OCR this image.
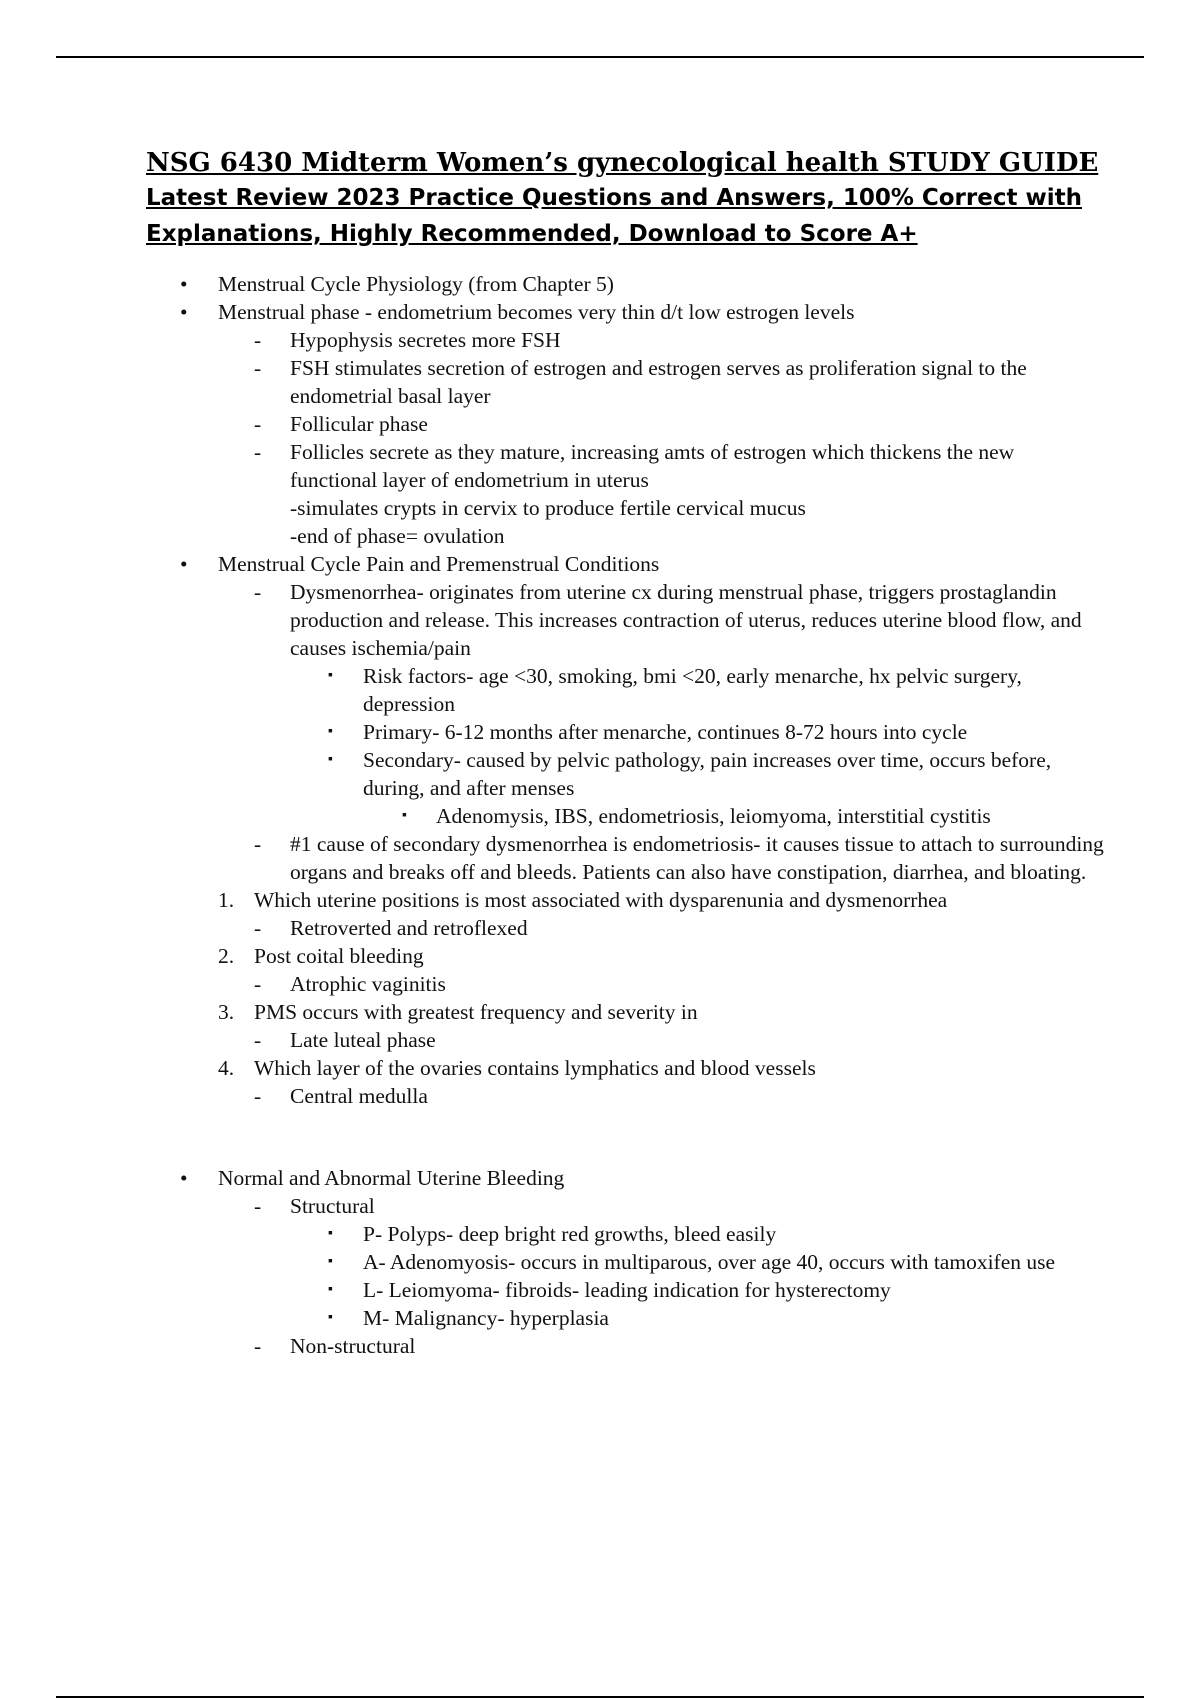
NSG 6430 Midterm Women’s gynecological health STUDY GUIDE
Latest Review 2023 Practice Questions and Answers, 100% Correct with Explanations, Highly Recommended, Download to Score A+
• Menstrual Cycle Physiology (from Chapter 5)
• Menstrual phase - endometrium becomes very thin d/t low estrogen levels
- Hypophysis secretes more FSH
- FSH stimulates secretion of estrogen and estrogen serves as proliferation signal to the endometrial basal layer
- Follicular phase
- Follicles secrete as they mature, increasing amts of estrogen which thickens the new functional layer of endometrium in uterus
-simulates crypts in cervix to produce fertile cervical mucus
-end of phase= ovulation
• Menstrual Cycle Pain and Premenstrual Conditions
- Dysmenorrhea- originates from uterine cx during menstrual phase, triggers prostaglandin production and release. This increases contraction of uterus, reduces uterine blood flow, and causes ischemia/pain
▪ Risk factors- age <30, smoking, bmi <20, early menarche, hx pelvic surgery, depression
▪ Primary- 6-12 months after menarche, continues 8-72 hours into cycle
▪ Secondary- caused by pelvic pathology, pain increases over time, occurs before, during, and after menses
▪ Adenomysis, IBS, endometriosis, leiomyoma, interstitial cystitis
- #1 cause of secondary dysmenorrhea is endometriosis- it causes tissue to attach to surrounding organs and breaks off and bleeds. Patients can also have constipation, diarrhea, and bloating.
1. Which uterine positions is most associated with dysparenunia and dysmenorrhea
- Retroverted and retroflexed
2. Post coital bleeding
- Atrophic vaginitis
3. PMS occurs with greatest frequency and severity in
- Late luteal phase
4. Which layer of the ovaries contains lymphatics and blood vessels
- Central medulla
• Normal and Abnormal Uterine Bleeding
- Structural
▪ P- Polyps- deep bright red growths, bleed easily
▪ A- Adenomyosis- occurs in multiparous, over age 40, occurs with tamoxifen use
▪ L- Leiomyoma- fibroids- leading indication for hysterectomy
▪ M- Malignancy- hyperplasia
- Non-structural
